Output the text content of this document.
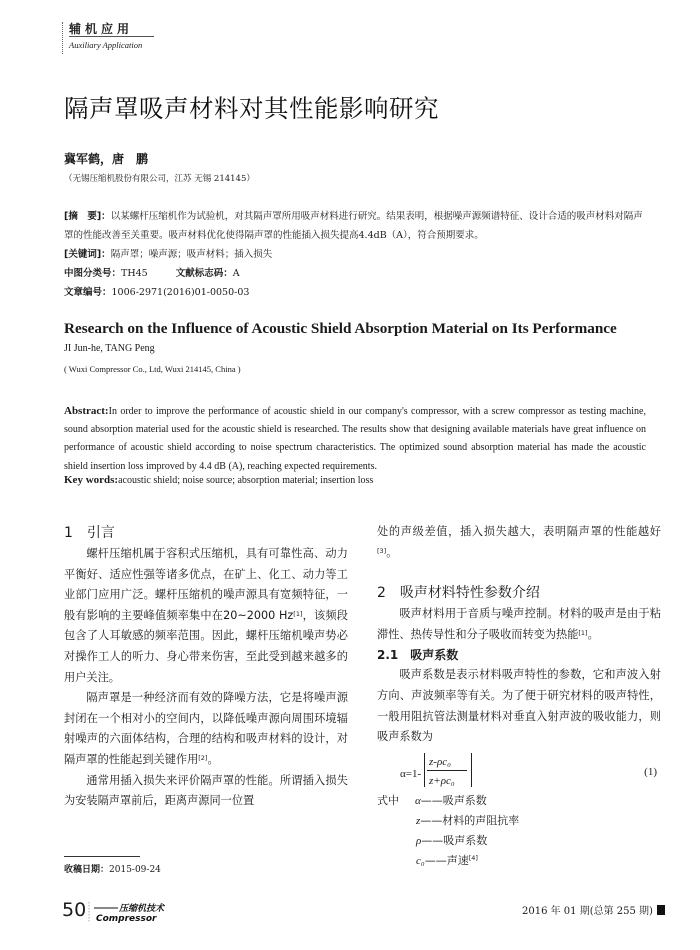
辅机应用
Auxiliary Application
隔声罩吸声材料对其性能影响研究
冀军鹤，唐　鹏
（无锡压缩机股份有限公司，江苏 无锡 214145）
[摘　要]：以某螺杆压缩机作为试验机，对其隔声罩所用吸声材料进行研究。结果表明，根据噪声源频谱特征、设计合适的吸声材料对隔声罩的性能改善至关重要。吸声材料优化使得隔声罩的性能插入损失提高4.4dB（A），符合预期要求。
[关键词]：隔声罩；噪声源；吸声材料；插入损失
中图分类号：TH45	文献标志码：A
文章编号：1006-2971(2016)01-0050-03
Research on the Influence of Acoustic Shield Absorption Material on Its Performance
JI Jun-he, TANG Peng
( Wuxi Compressor Co., Ltd, Wuxi 214145, China )
Abstract:In order to improve the performance of acoustic shield in our company's compressor, with a screw compressor as testing machine, sound absorption material used for the acoustic shield is researched. The results show that designing available materials have great influence on performance of acoustic shield according to noise spectrum characteristics. The optimized sound absorption material has made the acoustic shield insertion loss improved by 4.4 dB (A), reaching expected requirements.
Key words:acoustic shield; noise source; absorption material; insertion loss
1　引言

螺杆压缩机属于容积式压缩机，具有可靠性高、动力平衡好、适应性强等诸多优点，在矿上、化工、动力等工业部门应用广泛。螺杆压缩机的噪声源具有宽频特征，一般有影响的主要峰值频率集中在20~2000 Hz[1]，该频段包含了人耳敏感的频率范围。因此，螺杆压缩机噪声势必对操作工人的听力、身心带来伤害，至此受到越来越多的用户关注。

隔声罩是一种经济而有效的降噪方法，它是将噪声源封闭在一个相对小的空间内，以降低噪声源向周围环境辐射噪声的六面体结构，合理的结构和吸声材料的设计，对隔声罩的性能起到关键作用[2]。

通常用插入损失来评价隔声罩的性能。所谓插入损失为安装隔声罩前后，距离声源同一位置

处的声级差值，插入损失越大，表明隔声罩的性能越好[3]。

2　吸声材料特性参数介绍

吸声材料用于音质与噪声控制。材料的吸声是由于粘滞性、热传导性和分子吸收而转变为热能[1]。

2.1　吸声系数

吸声系数是表示材料吸声特性的参数，它和声波入射方向、声波频率等有关。为了便于研究材料的吸声特性，一般用阻抗管法测量材料对垂直入射声波的吸收能力，则吸声系数为

α=1-
z-ρc₀
z+ρc₀
(1)
式中 α——吸声系数
z——材料的声阻抗率
ρ——吸声系数
c₀——声速[4]
收稿日期：2015-09-24
50	压缩机技术
Compressor
2016 年 01 期(总第 255 期)
